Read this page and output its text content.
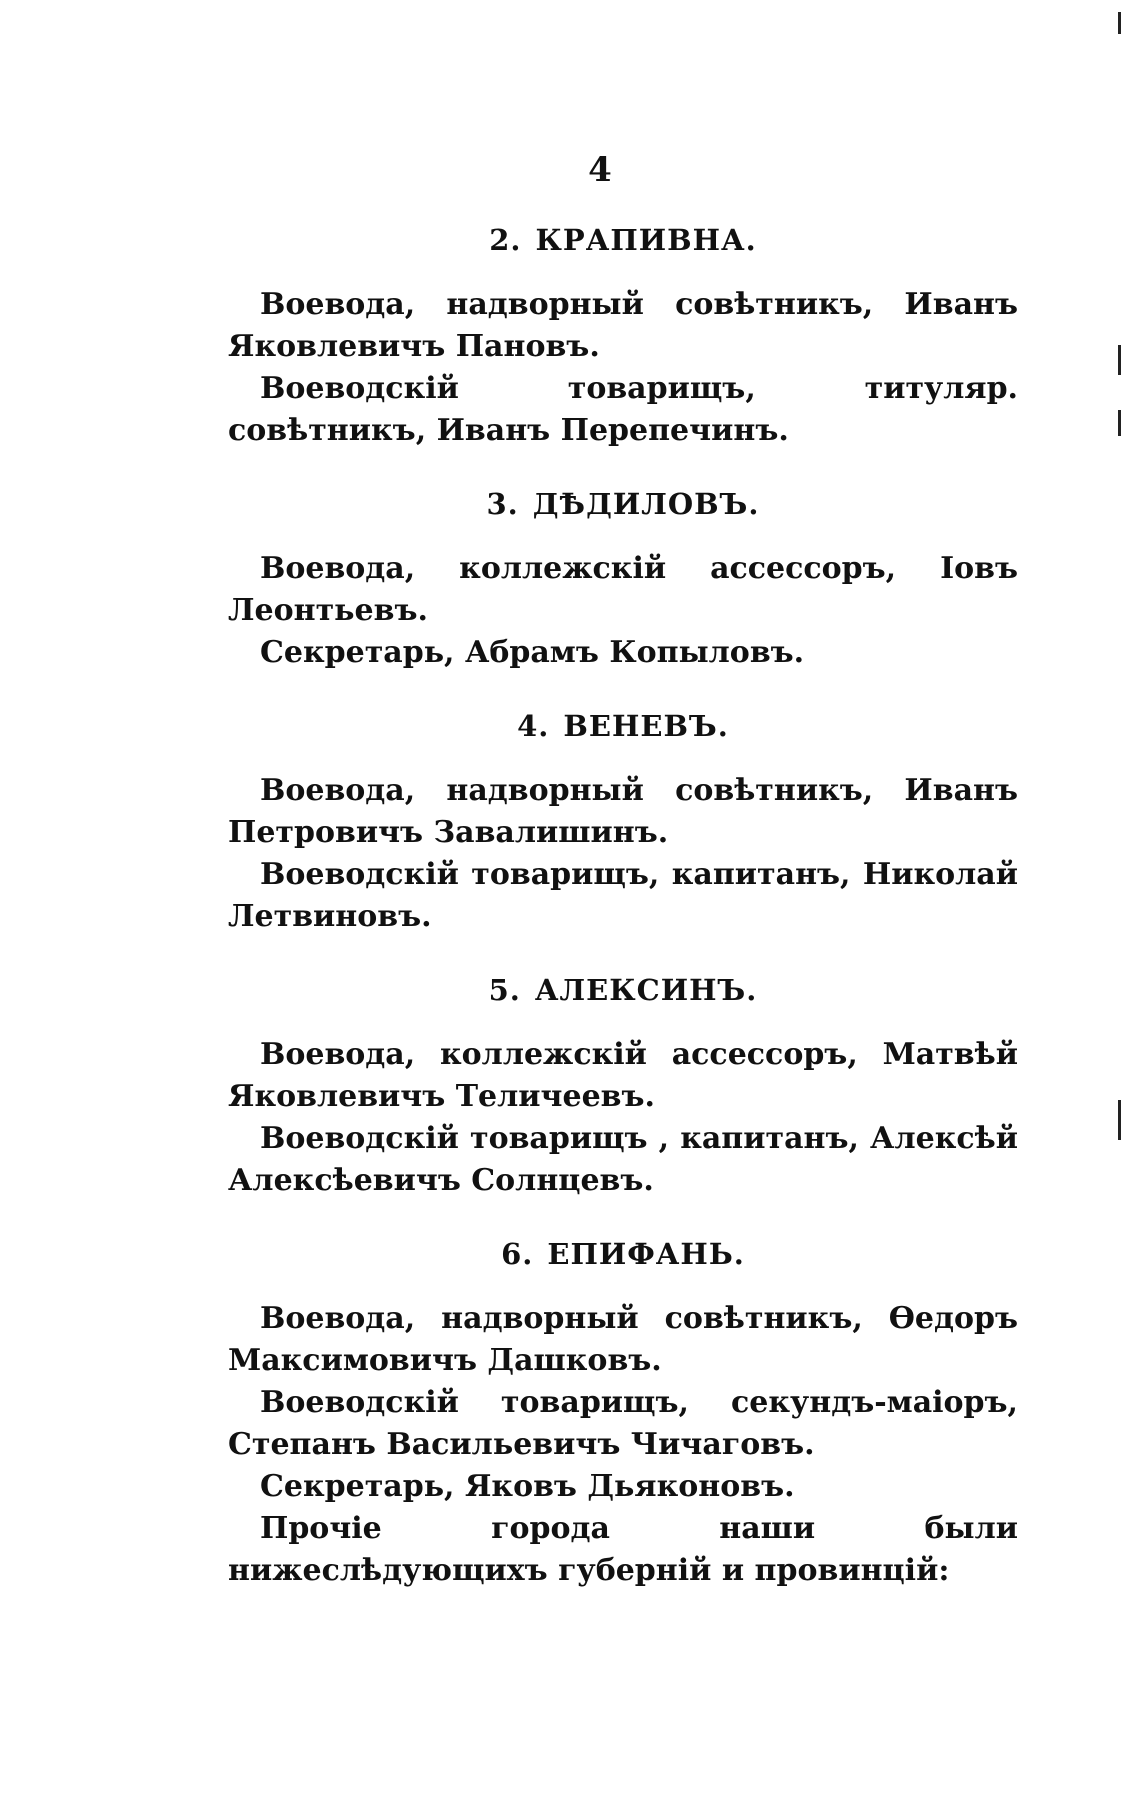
4
2. КРАПИВНА.

Воевода, надворный совѣтникъ, Иванъ Яковлевичъ Пановъ.

Воеводскій товарищъ, титуляр. совѣтникъ, Иванъ Перепечинъ.

3. ДѢДИЛОВЪ.

Воевода, коллежскій ассессоръ, Іовъ Леонтьевъ.

Секретарь, Абрамъ Копыловъ.

4. ВЕНЕВЪ.

Воевода, надворный совѣтникъ, Иванъ Петровичъ Завалишинъ.

Воеводскій товарищъ, капитанъ, Николай Летвиновъ.

5. АЛЕКСИНЪ.

Воевода, коллежскій ассессоръ, Матвѣй Яковлевичъ Теличеевъ.

Воеводскій товарищъ , капитанъ, Алексѣй Алексѣевичъ Солнцевъ.

6. ЕПИФАНЬ.

Воевода, надворный совѣтникъ, Ѳедоръ Максимовичъ Дашковъ.

Воеводскій товарищъ, секундъ-маіоръ, Степанъ Васильевичъ Чичаговъ.

Секретарь, Яковъ Дьяконовъ.

Прочіе города наши были нижеслѣдующихъ губерній и провинцій:
